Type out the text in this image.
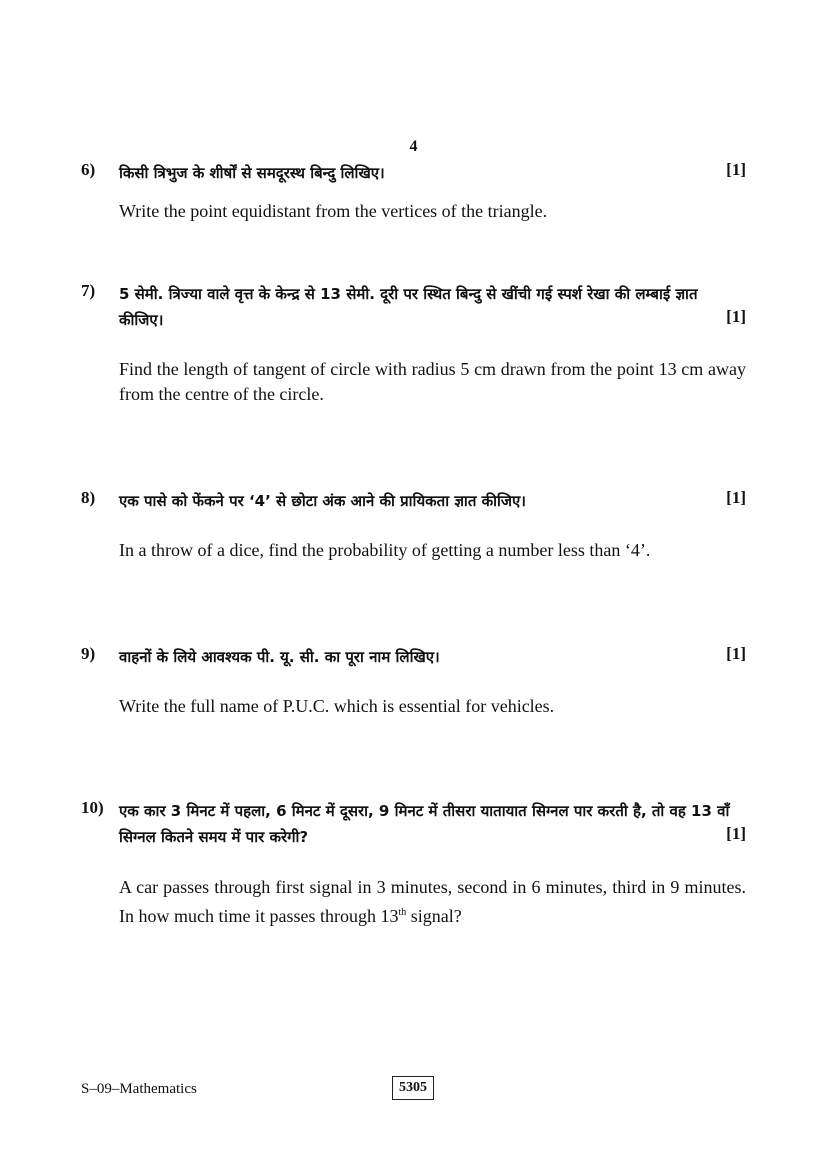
4
6) किसी त्रिभुज के शीर्षों से समदूरस्थ बिन्दु लिखिए।	[1]
Write the point equidistant from the vertices of the triangle.
7) 5 सेमी. त्रिज्या वाले वृत्त के केन्द्र से 13 सेमी. दूरी पर स्थित बिन्दु से खींची गई स्पर्श रेखा की लम्बाई ज्ञात कीजिए।	[1]
Find the length of tangent of circle with radius 5 cm drawn from the point 13 cm away from the centre of the circle.
8) एक पासे को फेंकने पर ‘4’ से छोटा अंक आने की प्रायिकता ज्ञात कीजिए।	[1]
In a throw of a dice, find the probability of getting a number less than ‘4’.
9) वाहनों के लिये आवश्यक पी. यू. सी. का पूरा नाम लिखिए।	[1]
Write the full name of P.U.C. which is essential for vehicles.
10) एक कार 3 मिनट में पहला, 6 मिनट में दूसरा, 9 मिनट में तीसरा यातायात सिग्नल पार करती है, तो वह 13 वाँ सिग्नल कितने समय में पार करेगी?	[1]
A car passes through first signal in 3 minutes, second in 6 minutes, third in 9 minutes. In how much time it passes through 13th signal?
S–09–Mathematics	5305
